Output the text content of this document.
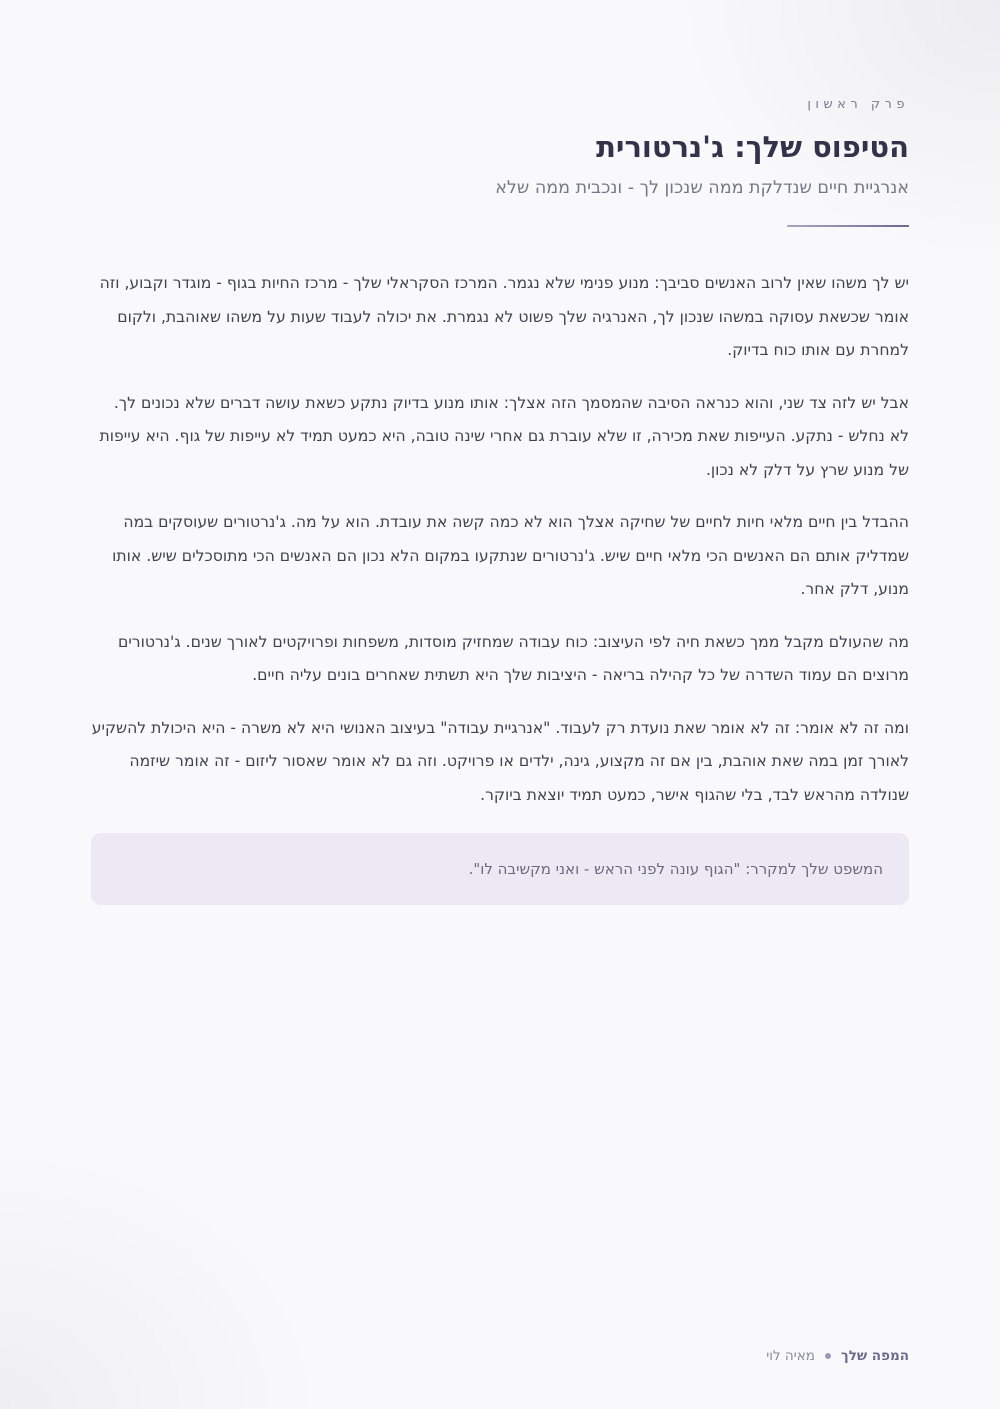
פרק ראשון
הטיפוס שלך: ג'נרטורית
אנרגיית חיים שנדלקת ממה שנכון לך - ונכבית ממה שלא

יש לך משהו שאין לרוב האנשים סביבך: מנוע פנימי שלא נגמר. המרכז הסקראלי שלך - מרכז החיות בגוף - מוגדר וקבוע, וזה אומר שכשאת עסוקה במשהו שנכון לך, האנרגיה שלך פשוט לא נגמרת. את יכולה לעבוד שעות על משהו שאוהבת, ולקום למחרת עם אותו כוח בדיוק.

אבל יש לזה צד שני, והוא כנראה הסיבה שהמסמך הזה אצלך: אותו מנוע בדיוק נתקע כשאת עושה דברים שלא נכונים לך. לא נחלש - נתקע. העייפות שאת מכירה, זו שלא עוברת גם אחרי שינה טובה, היא כמעט תמיד לא עייפות של גוף. היא עייפות של מנוע שרץ על דלק לא נכון.

ההבדל בין חיים מלאי חיות לחיים של שחיקה אצלך הוא לא כמה קשה את עובדת. הוא על מה. ג'נרטורים שעוסקים במה שמדליק אותם הם האנשים הכי מלאי חיים שיש. ג'נרטורים שנתקעו במקום הלא נכון הם האנשים הכי מתוסכלים שיש. אותו מנוע, דלק אחר.

מה שהעולם מקבל ממך כשאת חיה לפי העיצוב: כוח עבודה שמחזיק מוסדות, משפחות ופרויקטים לאורך שנים. ג'נרטורים מרוצים הם עמוד השדרה של כל קהילה בריאה - היציבות שלך היא תשתית שאחרים בונים עליה חיים.

ומה זה לא אומר: זה לא אומר שאת נועדת רק לעבוד. "אנרגיית עבודה" בעיצוב האנושי היא לא משרה - היא היכולת להשקיע לאורך זמן במה שאת אוהבת, בין אם זה מקצוע, גינה, ילדים או פרויקט. וזה גם לא אומר שאסור ליזום - זה אומר שיזמה שנולדה מהראש לבד, בלי שהגוף אישר, כמעט תמיד יוצאת ביוקר.

המשפט שלך למקרר: "הגוף עונה לפני הראש - ואני מקשיבה לו".
המפה שלך
מאיה לוי
